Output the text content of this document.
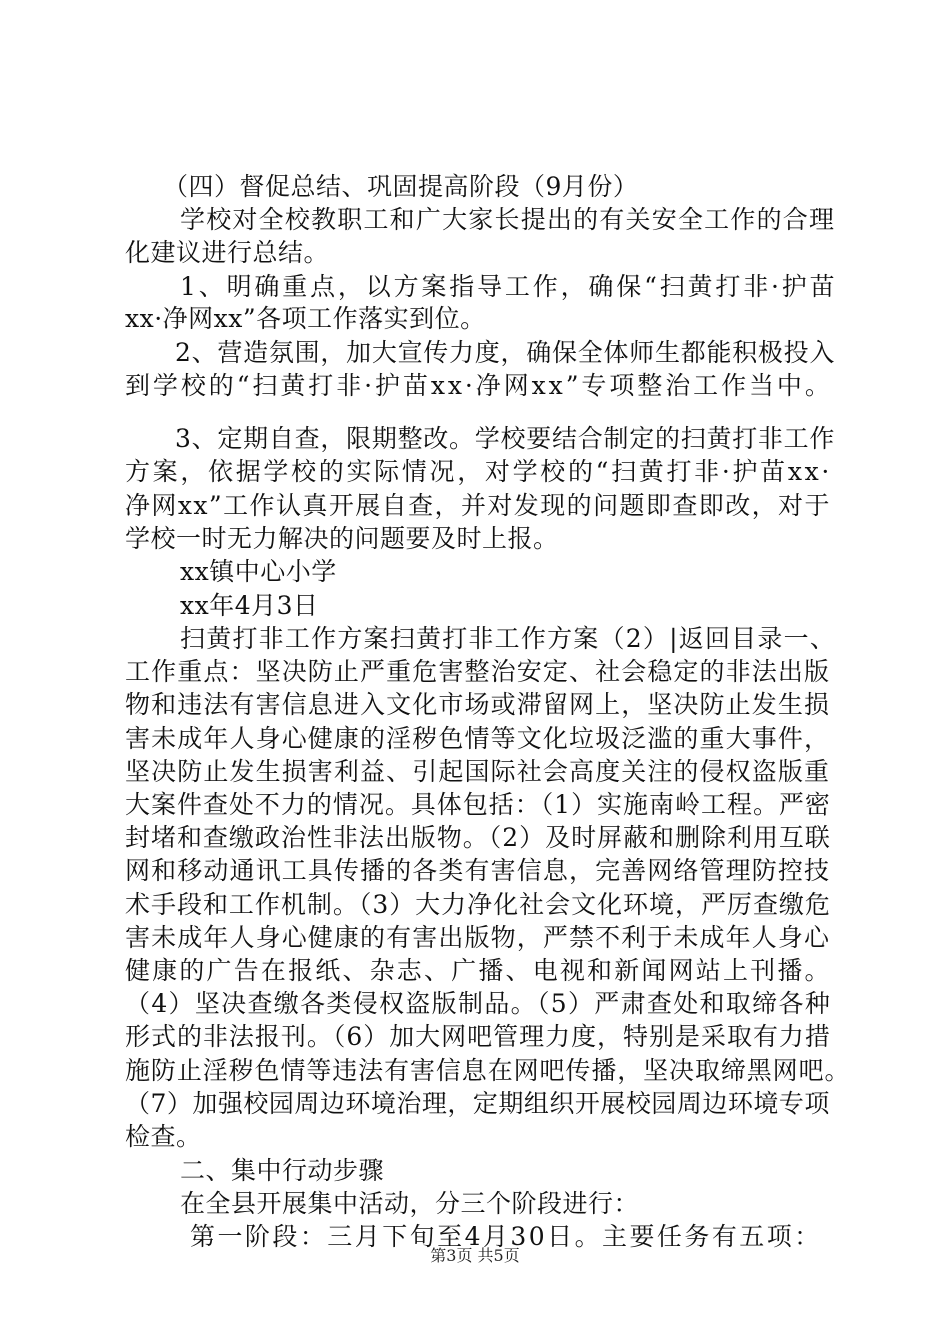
（四）督促总结、巩固提高阶段（9月份）
学校对全校教职工和广大家长提出的有关安全工作的合理
化建议进行总结。
1、明确重点，以方案指导工作，确保“扫黄打非·护苗
xx·净网xx”各项工作落实到位。
2、营造氛围，加大宣传力度，确保全体师生都能积极投入
到学校的“扫黄打非·护苗xx·净网xx”专项整治工作当中。
3、定期自查，限期整改。学校要结合制定的扫黄打非工作
方案，依据学校的实际情况，对学校的“扫黄打非·护苗xx·
净网xx”工作认真开展自查，并对发现的问题即查即改，对于
学校一时无力解决的问题要及时上报。
xx镇中心小学
xx年4月3日
扫黄打非工作方案扫黄打非工作方案（2）|返回目录一、
工作重点：坚决防止严重危害整治安定、社会稳定的非法出版
物和违法有害信息进入文化市场或滞留网上，坚决防止发生损
害未成年人身心健康的淫秽色情等文化垃圾泛滥的重大事件，
坚决防止发生损害利益、引起国际社会高度关注的侵权盗版重
大案件查处不力的情况。具体包括：（1）实施南岭工程。严密
封堵和查缴政治性非法出版物。（2）及时屏蔽和删除利用互联
网和移动通讯工具传播的各类有害信息，完善网络管理防控技
术手段和工作机制。（3）大力净化社会文化环境，严厉查缴危
害未成年人身心健康的有害出版物，严禁不利于未成年人身心
健康的广告在报纸、杂志、广播、电视和新闻网站上刊播。
（4）坚决查缴各类侵权盗版制品。（5）严肃查处和取缔各种
形式的非法报刊。（6）加大网吧管理力度，特别是采取有力措
施防止淫秽色情等违法有害信息在网吧传播，坚决取缔黑网吧。
（7）加强校园周边环境治理，定期组织开展校园周边环境专项
检查。
二、集中行动步骤
在全县开展集中活动，分三个阶段进行：
第一阶段：三月下旬至4月30日。主要任务有五项：
第3页 共5页
